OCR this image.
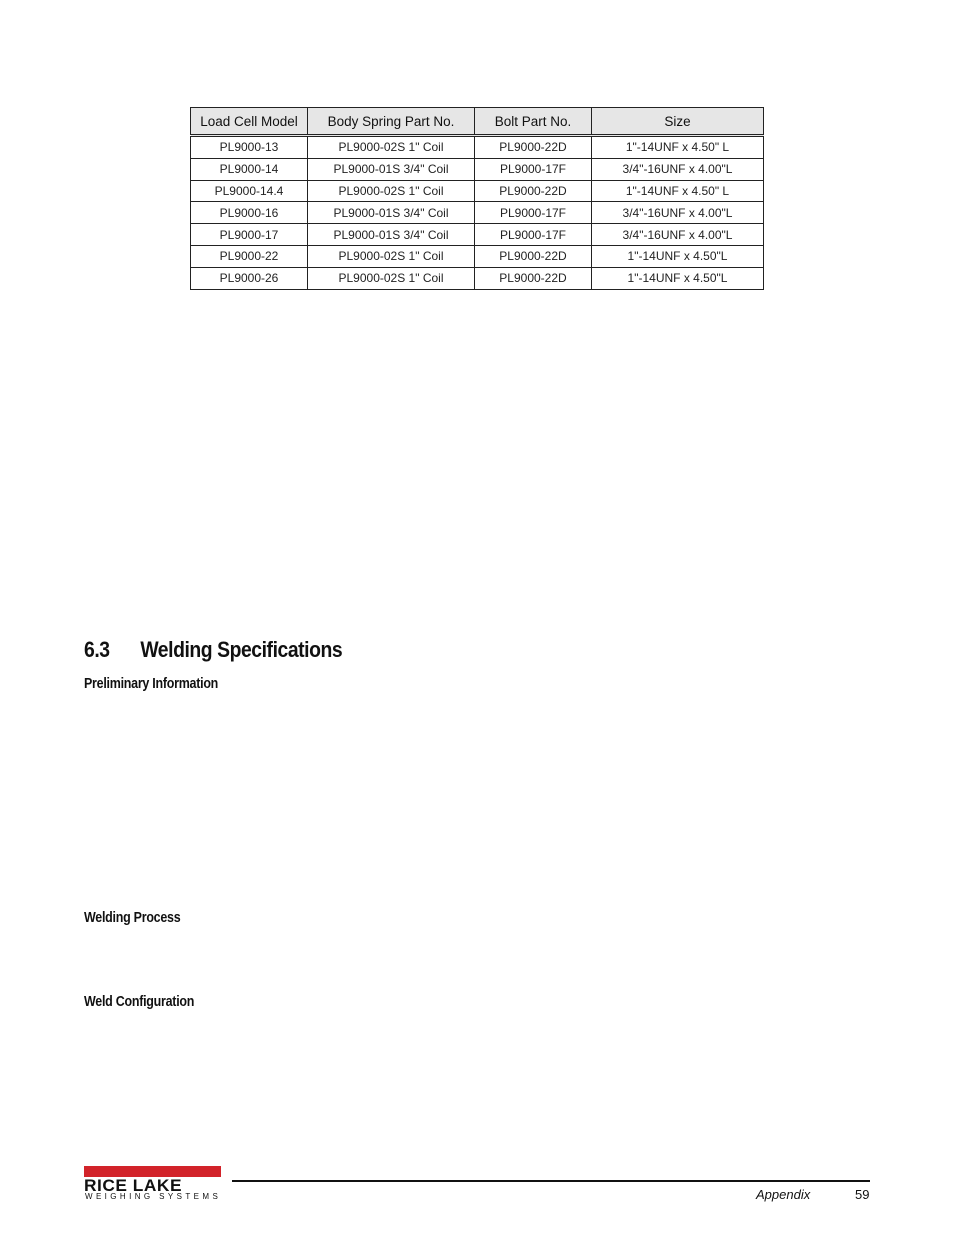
Load Cell Model	Body Spring Part No.	Bolt Part No.	Size
PL9000-13	PL9000-02S 1" Coil	PL9000-22D	1"-14UNF x 4.50" L
PL9000-14	PL9000-01S 3/4" Coil	PL9000-17F	3/4"-16UNF x 4.00"L
PL9000-14.4	PL9000-02S 1" Coil	PL9000-22D	1"-14UNF x 4.50" L
PL9000-16	PL9000-01S 3/4" Coil	PL9000-17F	3/4"-16UNF x 4.00"L
PL9000-17	PL9000-01S 3/4" Coil	PL9000-17F	3/4"-16UNF x 4.00"L
PL9000-22	PL9000-02S 1" Coil	PL9000-22D	1"-14UNF x 4.50"L
PL9000-26	PL9000-02S 1" Coil	PL9000-22D	1"-14UNF x 4.50"L
6.3 Welding Specifications
Preliminary Information
Welding Process
Weld Configuration
RICE LAKE
WEIGHING SYSTEMS	Appendix	59
